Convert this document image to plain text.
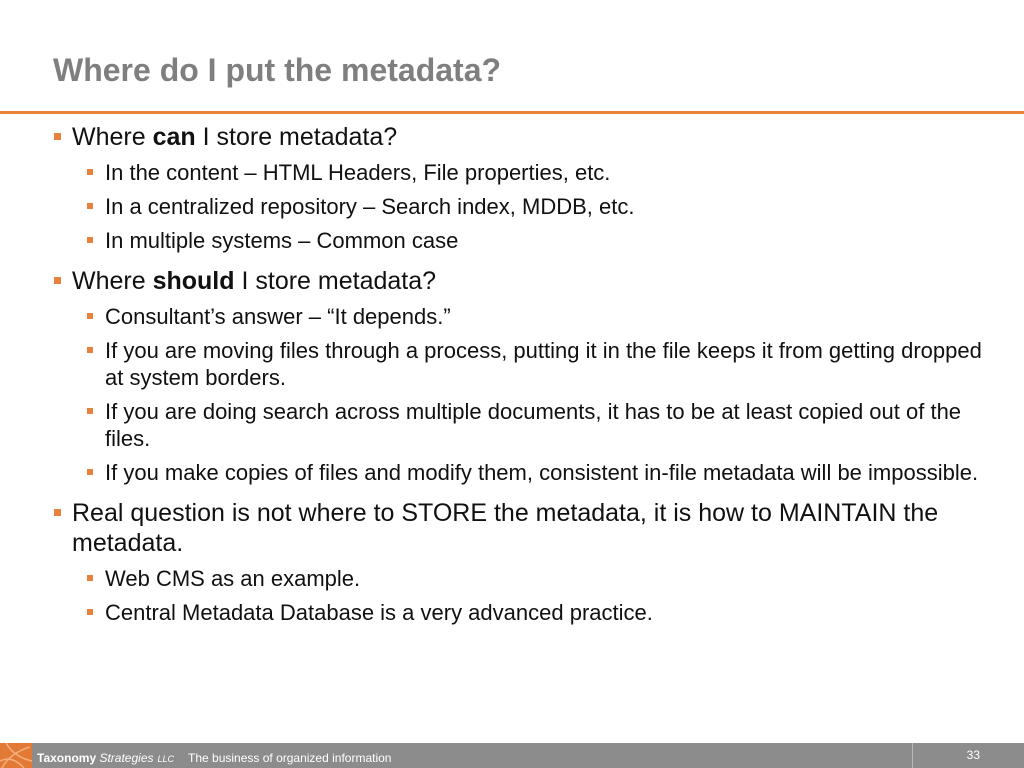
Where do I put the metadata?
Where can I store metadata?
In the content – HTML Headers, File properties, etc.
In a centralized repository – Search index, MDDB, etc.
In multiple systems – Common case
Where should I store metadata?
Consultant’s answer – “It depends.”
If you are moving files through a process, putting it in the file keeps it from getting dropped at system borders.
If you are doing search across multiple documents, it has to be at least copied out of the files.
If you make copies of files and modify them, consistent in-file metadata will be impossible.
Real question is not where to STORE the metadata, it is how to MAINTAIN the metadata.
Web CMS as an example.
Central Metadata Database is a very advanced practice.
Taxonomy Strategies LLC The business of organized information	33
